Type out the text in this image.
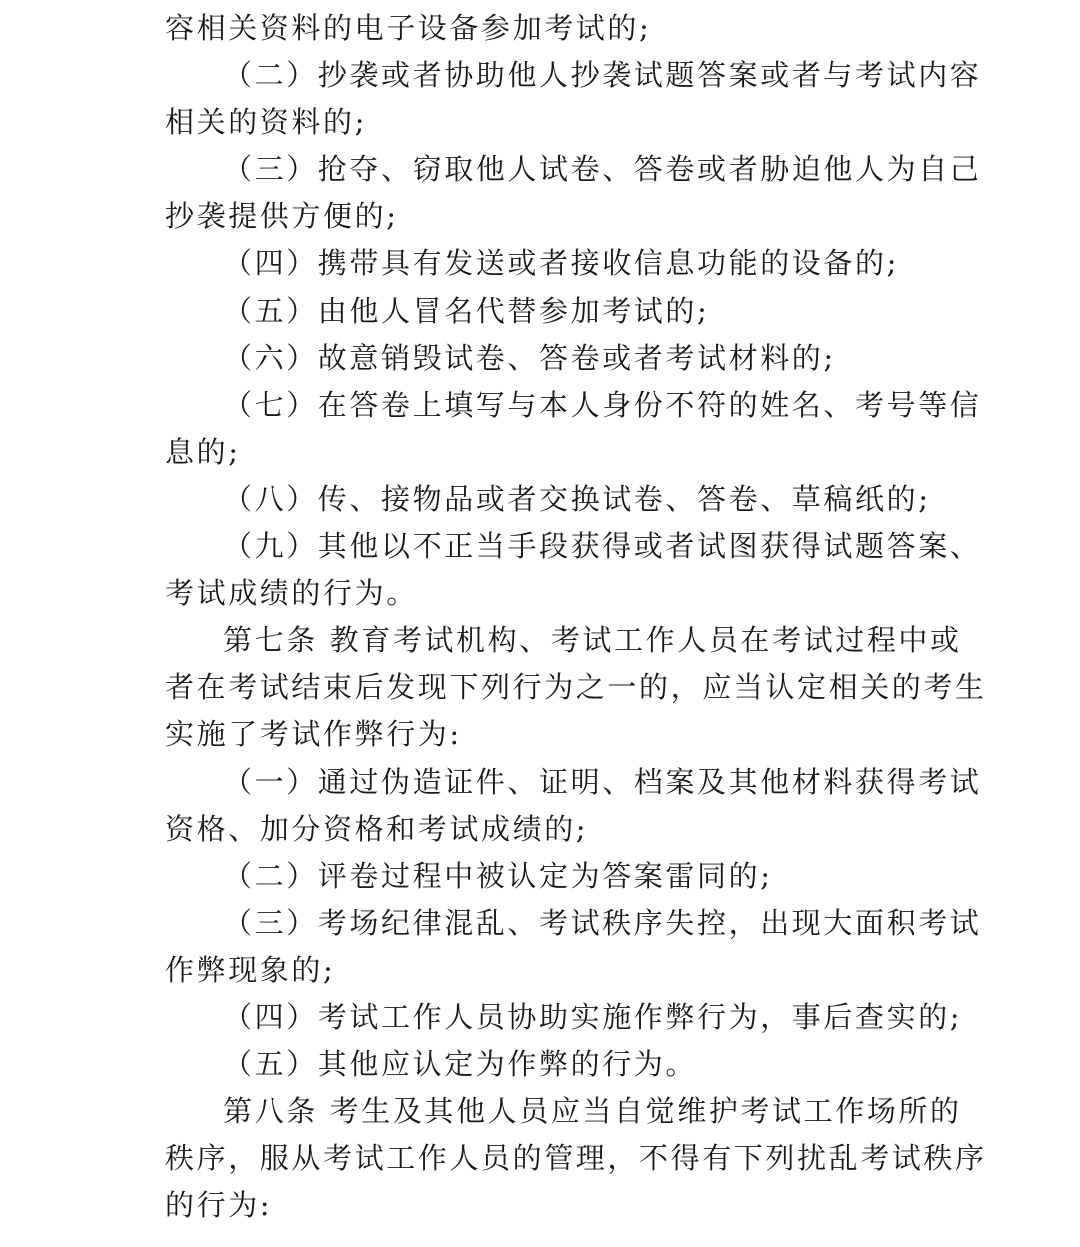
容相关资料的电子设备参加考试的;
（二）抄袭或者协助他人抄袭试题答案或者与考试内容
相关的资料的;
（三）抢夺、窃取他人试卷、答卷或者胁迫他人为自己
抄袭提供方便的;
（四）携带具有发送或者接收信息功能的设备的;
（五）由他人冒名代替参加考试的;
（六）故意销毁试卷、答卷或者考试材料的;
（七）在答卷上填写与本人身份不符的姓名、考号等信
息的;
（八）传、接物品或者交换试卷、答卷、草稿纸的;
（九）其他以不正当手段获得或者试图获得试题答案、
考试成绩的行为。
第七条 教育考试机构、考试工作人员在考试过程中或
者在考试结束后发现下列行为之一的，应当认定相关的考生
实施了考试作弊行为:
（一）通过伪造证件、证明、档案及其他材料获得考试
资格、加分资格和考试成绩的;
（二）评卷过程中被认定为答案雷同的;
（三）考场纪律混乱、考试秩序失控，出现大面积考试
作弊现象的;
（四）考试工作人员协助实施作弊行为，事后查实的;
（五）其他应认定为作弊的行为。
第八条 考生及其他人员应当自觉维护考试工作场所的
秩序，服从考试工作人员的管理，不得有下列扰乱考试秩序
的行为:
